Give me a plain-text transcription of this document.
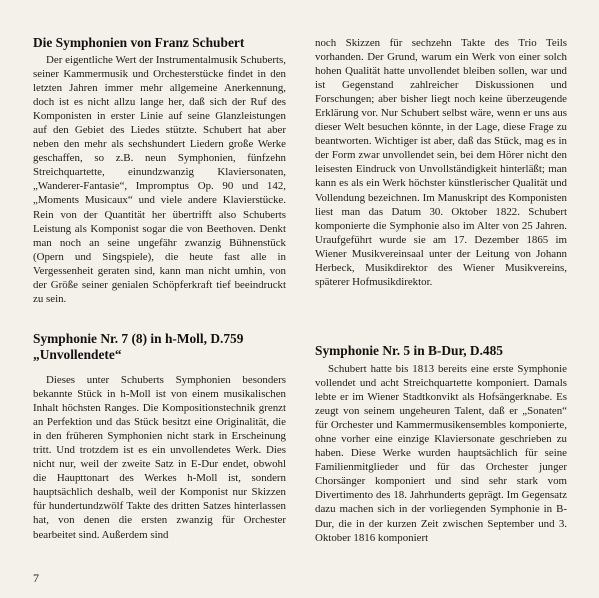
Die Symphonien von Franz Schubert

Der eigentliche Wert der Instrumentalmusik Schuberts, seiner Kammermusik und Orchesterstücke findet in den letzten Jahren immer mehr allgemeine Anerkennung, doch ist es nicht allzu lange her, daß sich der Ruf des Komponisten in erster Linie auf seine Glanzleistungen auf den Gebiet des Liedes stützte. Schubert hat aber neben den mehr als sechshundert Liedern große Werke geschaffen, so z.B. neun Symphonien, fünfzehn Streichquartette, einundzwanzig Klaviersonaten, „Wanderer-Fantasie“, Impromptus Op. 90 und 142, „Moments Musicaux“ und viele andere Klavierstücke. Rein von der Quantität her übertrifft also Schuberts Leistung als Komponist sogar die von Beethoven. Denkt man noch an seine ungefähr zwanzig Bühnenstück (Opern und Singspiele), die heute fast alle in Vergessenheit geraten sind, kann man nicht umhin, von der Größe seiner genialen Schöpferkraft tief beeindruckt zu sein.

Symphonie Nr. 7 (8) in h-Moll, D.759
„Unvollendete“

Dieses unter Schuberts Symphonien besonders bekannte Stück in h-Moll ist von einem musikalischen Inhalt höchsten Ranges. Die Kompositionstechnik grenzt an Perfektion und das Stück besitzt eine Originalität, die in den früheren Symphonien nicht stark in Erscheinung tritt. Und trotzdem ist es ein unvollendetes Werk. Dies nicht nur, weil der zweite Satz in E-Dur endet, obwohl die Haupttonart des Werkes h-Moll ist, sondern hauptsächlich deshalb, weil der Komponist nur Skizzen für hundertundzwölf Takte des dritten Satzes hinterlassen hat, von denen die ersten zwanzig für Orchester bearbeitet sind. Außerdem sind

noch Skizzen für sechzehn Takte des Trio Teils vorhanden. Der Grund, warum ein Werk von einer solch hohen Qualität hatte unvollendet bleiben sollen, war und ist Gegenstand zahlreicher Diskussionen und Forschungen; aber bisher liegt noch keine überzeugende Erklärung vor. Nur Schubert selbst wäre, wenn er uns aus dieser Welt besuchen könnte, in der Lage, diese Frage zu beantworten. Wichtiger ist aber, daß das Stück, mag es in der Form zwar unvollendet sein, bei dem Hörer nicht den leisesten Eindruck von Unvollständigkeit hinterläßt; man kann es als ein Werk höchster künstlerischer Qualität und Vollendung bezeichnen. Im Manuskript des Komponisten liest man das Datum 30. Oktober 1822. Schubert komponierte die Symphonie also im Alter von 25 Jahren. Uraufgeführt wurde sie am 17. Dezember 1865 im Wiener Musikvereinsaal unter der Leitung von Johann Herbeck, Musikdirektor des Wiener Musikvereins, späterer Hofmusikdirektor.

Symphonie Nr. 5 in B-Dur, D.485

Schubert hatte bis 1813 bereits eine erste Symphonie vollendet und acht Streichquartette komponiert. Damals lebte er im Wiener Stadtkonvikt als Hofsängerknabe. Es zeugt von seinem ungeheuren Talent, daß er „Sonaten“ für Orchester und Kammermusikensembles komponierte, ohne vorher eine einzige Klaviersonate geschrieben zu haben. Diese Werke wurden hauptsächlich für seine Familienmitglieder und für das Orchester junger Chorsänger komponiert und sind sehr stark vom Divertimento des 18. Jahrhunderts geprägt. Im Gegensatz dazu machen sich in der vorliegenden Symphonie in B-Dur, die in der kurzen Zeit zwischen September und 3. Oktober 1816 komponiert

7
